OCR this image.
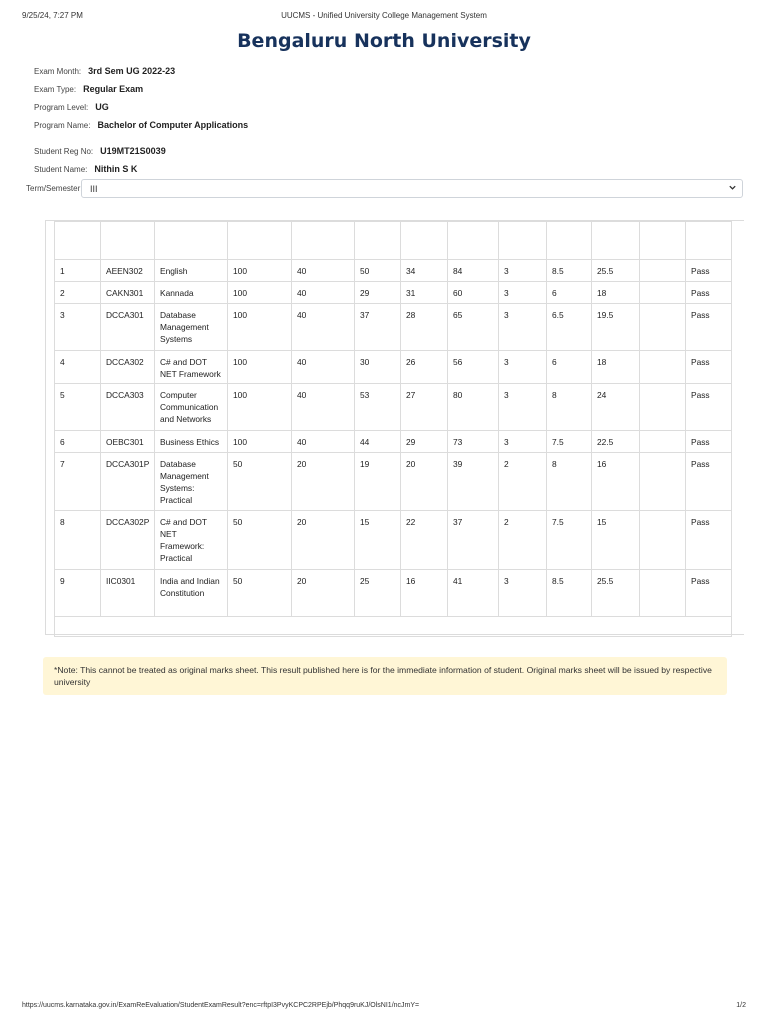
9/25/24, 7:27 PM	UUCMS - Unified University College Management System
Bengaluru North University
Exam Month: 3rd Sem UG 2022-23
Exam Type: Regular Exam
Program Level: UG
Program Name: Bachelor of Computer Applications
Student Reg No: U19MT21S0039
Student Name: Nithin S K
Term/Semester: III

1	AEEN302	English	100	40	50	34	84	3	8.5	25.5		Pass
2	CAKN301	Kannada	100	40	29	31	60	3	6	18		Pass
3	DCCA301	Database Management Systems	100	40	37	28	65	3	6.5	19.5		Pass
4	DCCA302	C# and DOT NET Framework	100	40	30	26	56	3	6	18		Pass
5	DCCA303	Computer Communication and Networks	100	40	53	27	80	3	8	24		Pass
6	OEBC301	Business Ethics	100	40	44	29	73	3	7.5	22.5		Pass
7	DCCA301P	Database Management Systems: Practical	50	20	19	20	39	2	8	16		Pass
8	DCCA302P	C# and DOT NET Framework: Practical	50	20	15	22	37	2	7.5	15		Pass
9	IIC0301	India and Indian Constitution	50	20	25	16	41	3	8.5	25.5		Pass

*Note: This cannot be treated as original marks sheet. This result published here is for the immediate information of student. Original marks sheet will be issued by respective university
https://uucms.karnataka.gov.in/ExamReEvaluation/StudentExamResult?enc=rftpI3PvyKCPC2RPEjb/Phqq9ruKJ/OlsNI1/ncJmY=	1/2
